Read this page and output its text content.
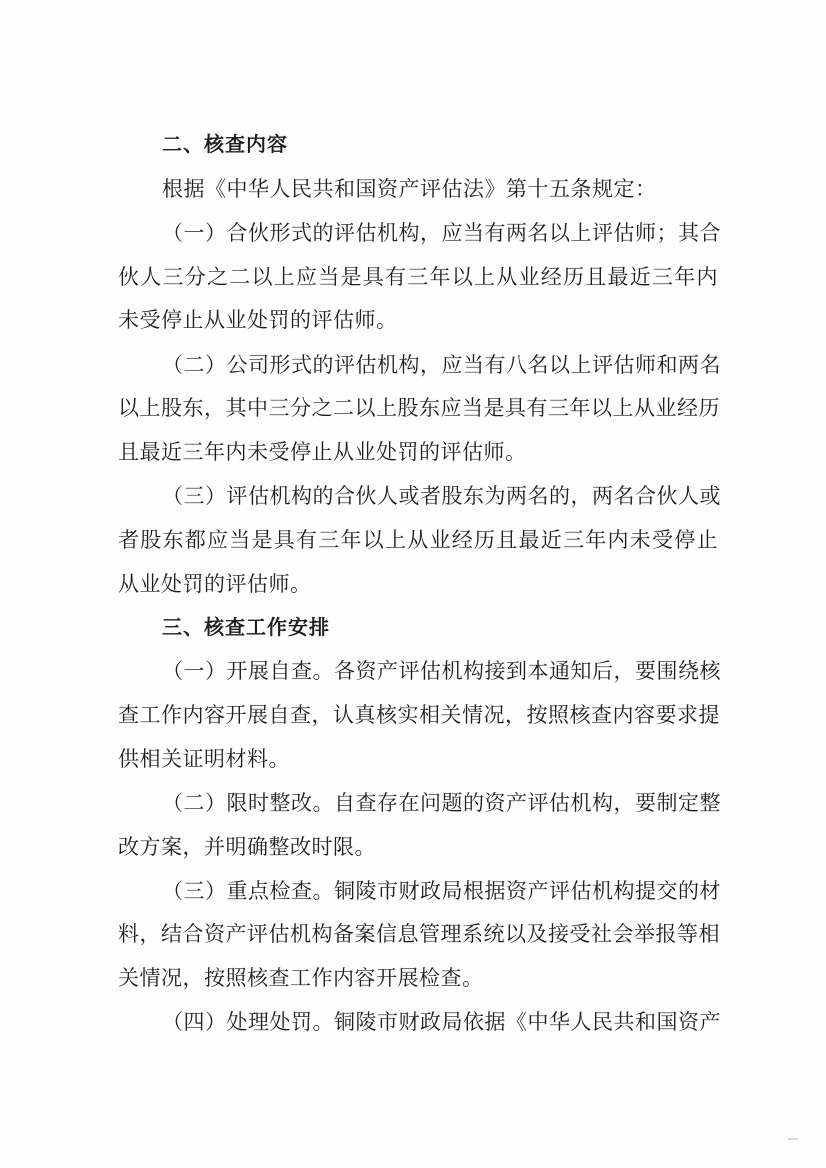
二、核查内容
根据《中华人民共和国资产评估法》第十五条规定：
（一）合伙形式的评估机构，应当有两名以上评估师；其合
伙人三分之二以上应当是具有三年以上从业经历且最近三年内
未受停止从业处罚的评估师。
（二）公司形式的评估机构，应当有八名以上评估师和两名
以上股东，其中三分之二以上股东应当是具有三年以上从业经历
且最近三年内未受停止从业处罚的评估师。
（三）评估机构的合伙人或者股东为两名的，两名合伙人或
者股东都应当是具有三年以上从业经历且最近三年内未受停止
从业处罚的评估师。
三、核查工作安排
（一）开展自查。各资产评估机构接到本通知后，要围绕核
查工作内容开展自查，认真核实相关情况，按照核查内容要求提
供相关证明材料。
（二）限时整改。自查存在问题的资产评估机构，要制定整
改方案，并明确整改时限。
（三）重点检查。铜陵市财政局根据资产评估机构提交的材
料，结合资产评估机构备案信息管理系统以及接受社会举报等相
关情况，按照核查工作内容开展检查。
（四）处理处罚。铜陵市财政局依据《中华人民共和国资产
